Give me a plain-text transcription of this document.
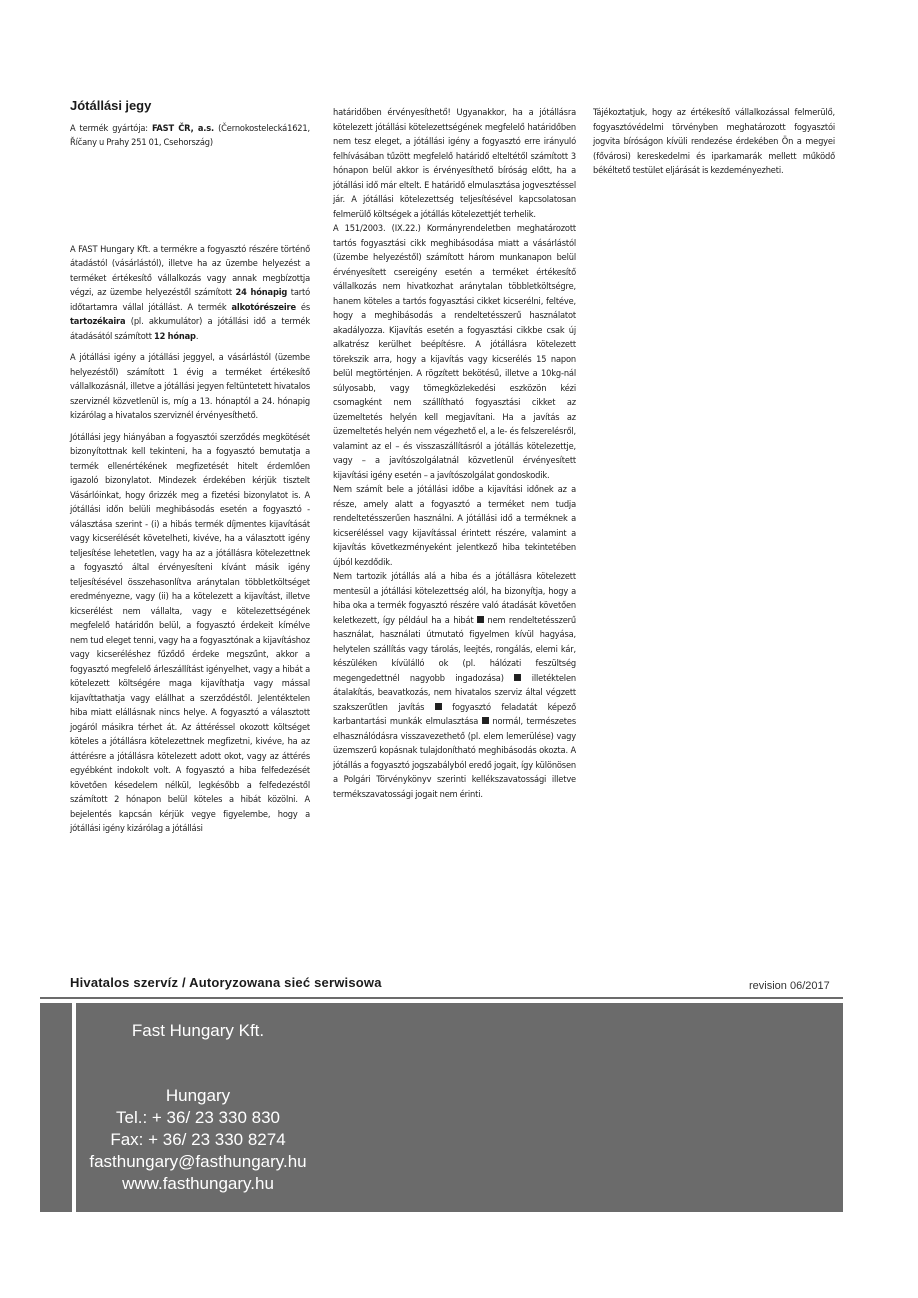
Jótállási jegy

A termék gyártója: FAST ČR, a.s. (Černokostelecká1621, Říčany u Prahy 251 01, Csehország)

A FAST Hungary Kft. a termékre a fogyasztó részére történő átadástól (vásárlástól), illetve ha az üzembe helyezést a terméket értékesítő vállalkozás vagy annak megbízottja végzi, az üzembe helyezéstől számított 24 hónapig tartó időtartamra vállal jótállást. A termék alkotórészeire és tartozékaira (pl. akkumulátor) a jótállási idő a termék átadásától számított 12 hónap.

A jótállási igény a jótállási jeggyel, a vásárlástól (üzembe helyezéstől) számított 1 évig a terméket értékesítő vállalkozásnál, illetve a jótállási jegyen feltüntetett hivatalos szerviznél közvetlenül is, míg a 13. hónaptól a 24. hónapig kizárólag a hivatalos szerviznél érvényesíthető.

Jótállási jegy hiányában a fogyasztói szerződés megkötését bizonyítottnak kell tekinteni, ha a fogyasztó bemutatja a termék ellenértékének megfizetését hitelt érdemlően igazoló bizonylatot. Mindezek érdekében kérjük tisztelt Vásárlóinkat, hogy őrizzék meg a fizetési bizonylatot is. A jótállási időn belüli meghibásodás esetén a fogyasztó - választása szerint - (i) a hibás termék díjmentes kijavítását vagy kicserélését követelheti, kivéve, ha a választott igény teljesítése lehetetlen, vagy ha az a jótállásra kötelezettnek a fogyasztó által érvényesíteni kívánt másik igény teljesítésével összehasonlítva aránytalan többletköltséget eredményezne, vagy (ii) ha a kötelezett a kijavítást, illetve kicserélést nem vállalta, vagy e kötelezettségének megfelelő határidőn belül, a fogyasztó érdekeit kímélve nem tud eleget tenni, vagy ha a fogyasztónak a kijavításhoz vagy kicseréléshez fűződő érdeke megszűnt, akkor a fogyasztó megfelelő árleszállítást igényelhet, vagy a hibát a kötelezett költségére maga kijavíthatja vagy mással kijavíttathatja vagy elállhat a szerződéstől. Jelentéktelen hiba miatt elállásnak nincs helye. A fogyasztó a választott jogáról másikra térhet át. Az áttéréssel okozott költséget köteles a jótállásra kötelezettnek megfizetni, kivéve, ha az áttérésre a jótállásra kötelezett adott okot, vagy az áttérés egyébként indokolt volt. A fogyasztó a hiba felfedezését követően késedelem nélkül, legkésőbb a felfedezéstől számított 2 hónapon belül köteles a hibát közölni. A bejelentés kapcsán kérjük vegye figyelembe, hogy a jótállási igény kizárólag a jótállási

határidőben érvényesíthető! Ugyanakkor, ha a jótállásra kötelezett jótállási kötelezettségének megfelelő határidőben nem tesz eleget, a jótállási igény a fogyasztó erre irányuló felhívásában tűzött megfelelő határidő elteltétől számított 3 hónapon belül akkor is érvényesíthető bíróság előtt, ha a jótállási idő már eltelt. E határidő elmulasztása jogvesztéssel jár. A jótállási kötelezettség teljesítésével kapcsolatosan felmerülő költségek a jótállás kötelezettjét terhelik.

A 151/2003. (IX.22.) Kormányrendeletben meghatározott tartós fogyasztási cikk meghibásodása miatt a vásárlástól (üzembe helyezéstől) számított három munkanapon belül érvényesített csereigény esetén a terméket értékesítő vállalkozás nem hivatkozhat aránytalan többletköltségre, hanem köteles a tartós fogyasztási cikket kicserélni, feltéve, hogy a meghibásodás a rendeltetésszerű használatot akadályozza. Kijavítás esetén a fogyasztási cikkbe csak új alkatrész kerülhet beépítésre. A jótállásra kötelezett törekszik arra, hogy a kijavítás vagy kicserélés 15 napon belül megtörténjen. A rögzített bekötésű, illetve a 10kg-nál súlyosabb, vagy tömegközlekedési eszközön kézi csomagként nem szállítható fogyasztási cikket az üzemeltetés helyén kell megjavítani. Ha a javítás az üzemeltetés helyén nem végezhető el, a le- és felszerelésről, valamint az el – és visszaszállításról a jótállás kötelezettje, vagy – a javítószolgálatnál közvetlenül érvényesített kijavítási igény esetén – a javítószolgálat gondoskodik.

Nem számít bele a jótállási időbe a kijavítási időnek az a része, amely alatt a fogyasztó a terméket nem tudja rendeltetésszerűen használni. A jótállási idő a terméknek a kicseréléssel vagy kijavítással érintett részére, valamint a kijavítás következményeként jelentkező hiba tekintetében újból kezdődik.

Nem tartozik jótállás alá a hiba és a jótállásra kötelezett mentesül a jótállási kötelezettség alól, ha bizonyítja, hogy a hiba oka a termék fogyasztó részére való átadását követően keletkezett, így például ha a hibát  nem rendeltetésszerű használat, használati útmutató figyelmen kívül hagyása, helytelen szállítás vagy tárolás, leejtés, rongálás, elemi kár, készüléken kívülálló ok (pl. hálózati feszültség megengedettnél nagyobb ingadozása)  illetéktelen átalakítás, beavatkozás, nem hivatalos szerviz által végzett szakszerűtlen javítás  fogyasztó feladatát képező karbantartási munkák elmulasztása  normál, természetes elhasználódásra visszavezethető (pl. elem lemerülése) vagy üzemszerű kopásnak tulajdonítható meghibásodás okozta. A jótállás a fogyasztó jogszabályból eredő jogait, így különösen a Polgári Törvénykönyv szerinti kellékszavatossági illetve termékszavatossági jogait nem érinti.

Tájékoztatjuk, hogy az értékesítő vállalkozással felmerülő, fogyasztóvédelmi törvényben meghatározott fogyasztói jogvita bíróságon kívüli rendezése érdekében Ön a megyei (fővárosi) kereskedelmi és iparkamarák mellett működő békéltető testület eljárását is kezdeményezheti.

Hivatalos szervíz / Autoryzowana sieć serwisowa	revision 06/2017
Fast Hungary Kft.
Hungary
Tel.: + 36/ 23 330 830
Fax: + 36/ 23 330 8274
fasthungary@fasthungary.hu
www.fasthungary.hu
